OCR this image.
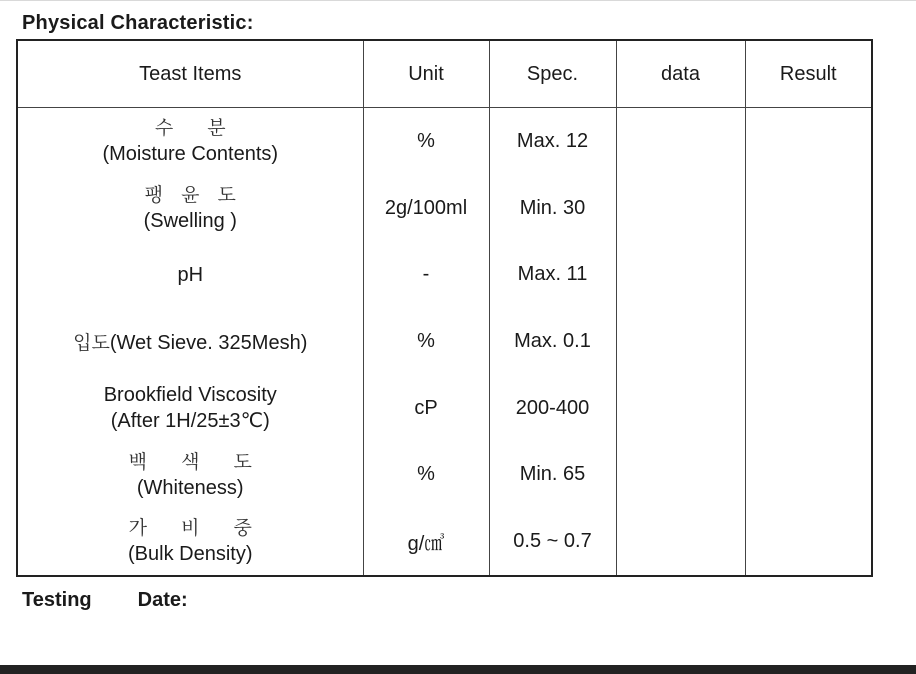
Physical Characteristic:
Teast Items	Unit	Spec.	data	Result

수 분
(Moisture Contents)	%	Max. 12		

팽 윤 도
(Swelling )	2g/100ml	Min. 30		

pH	-	Max. 11		
입도(Wet Sieve. 325Mesh)	%	Max. 0.1		

Brookfield Viscosity
(After 1H/25±3℃)	cP	200-400		

백 색 도
(Whiteness)	%	Min. 65		

가 비 중
(Bulk Density)	g/㎤	0.5 ~ 0.7		
Testing Date:
